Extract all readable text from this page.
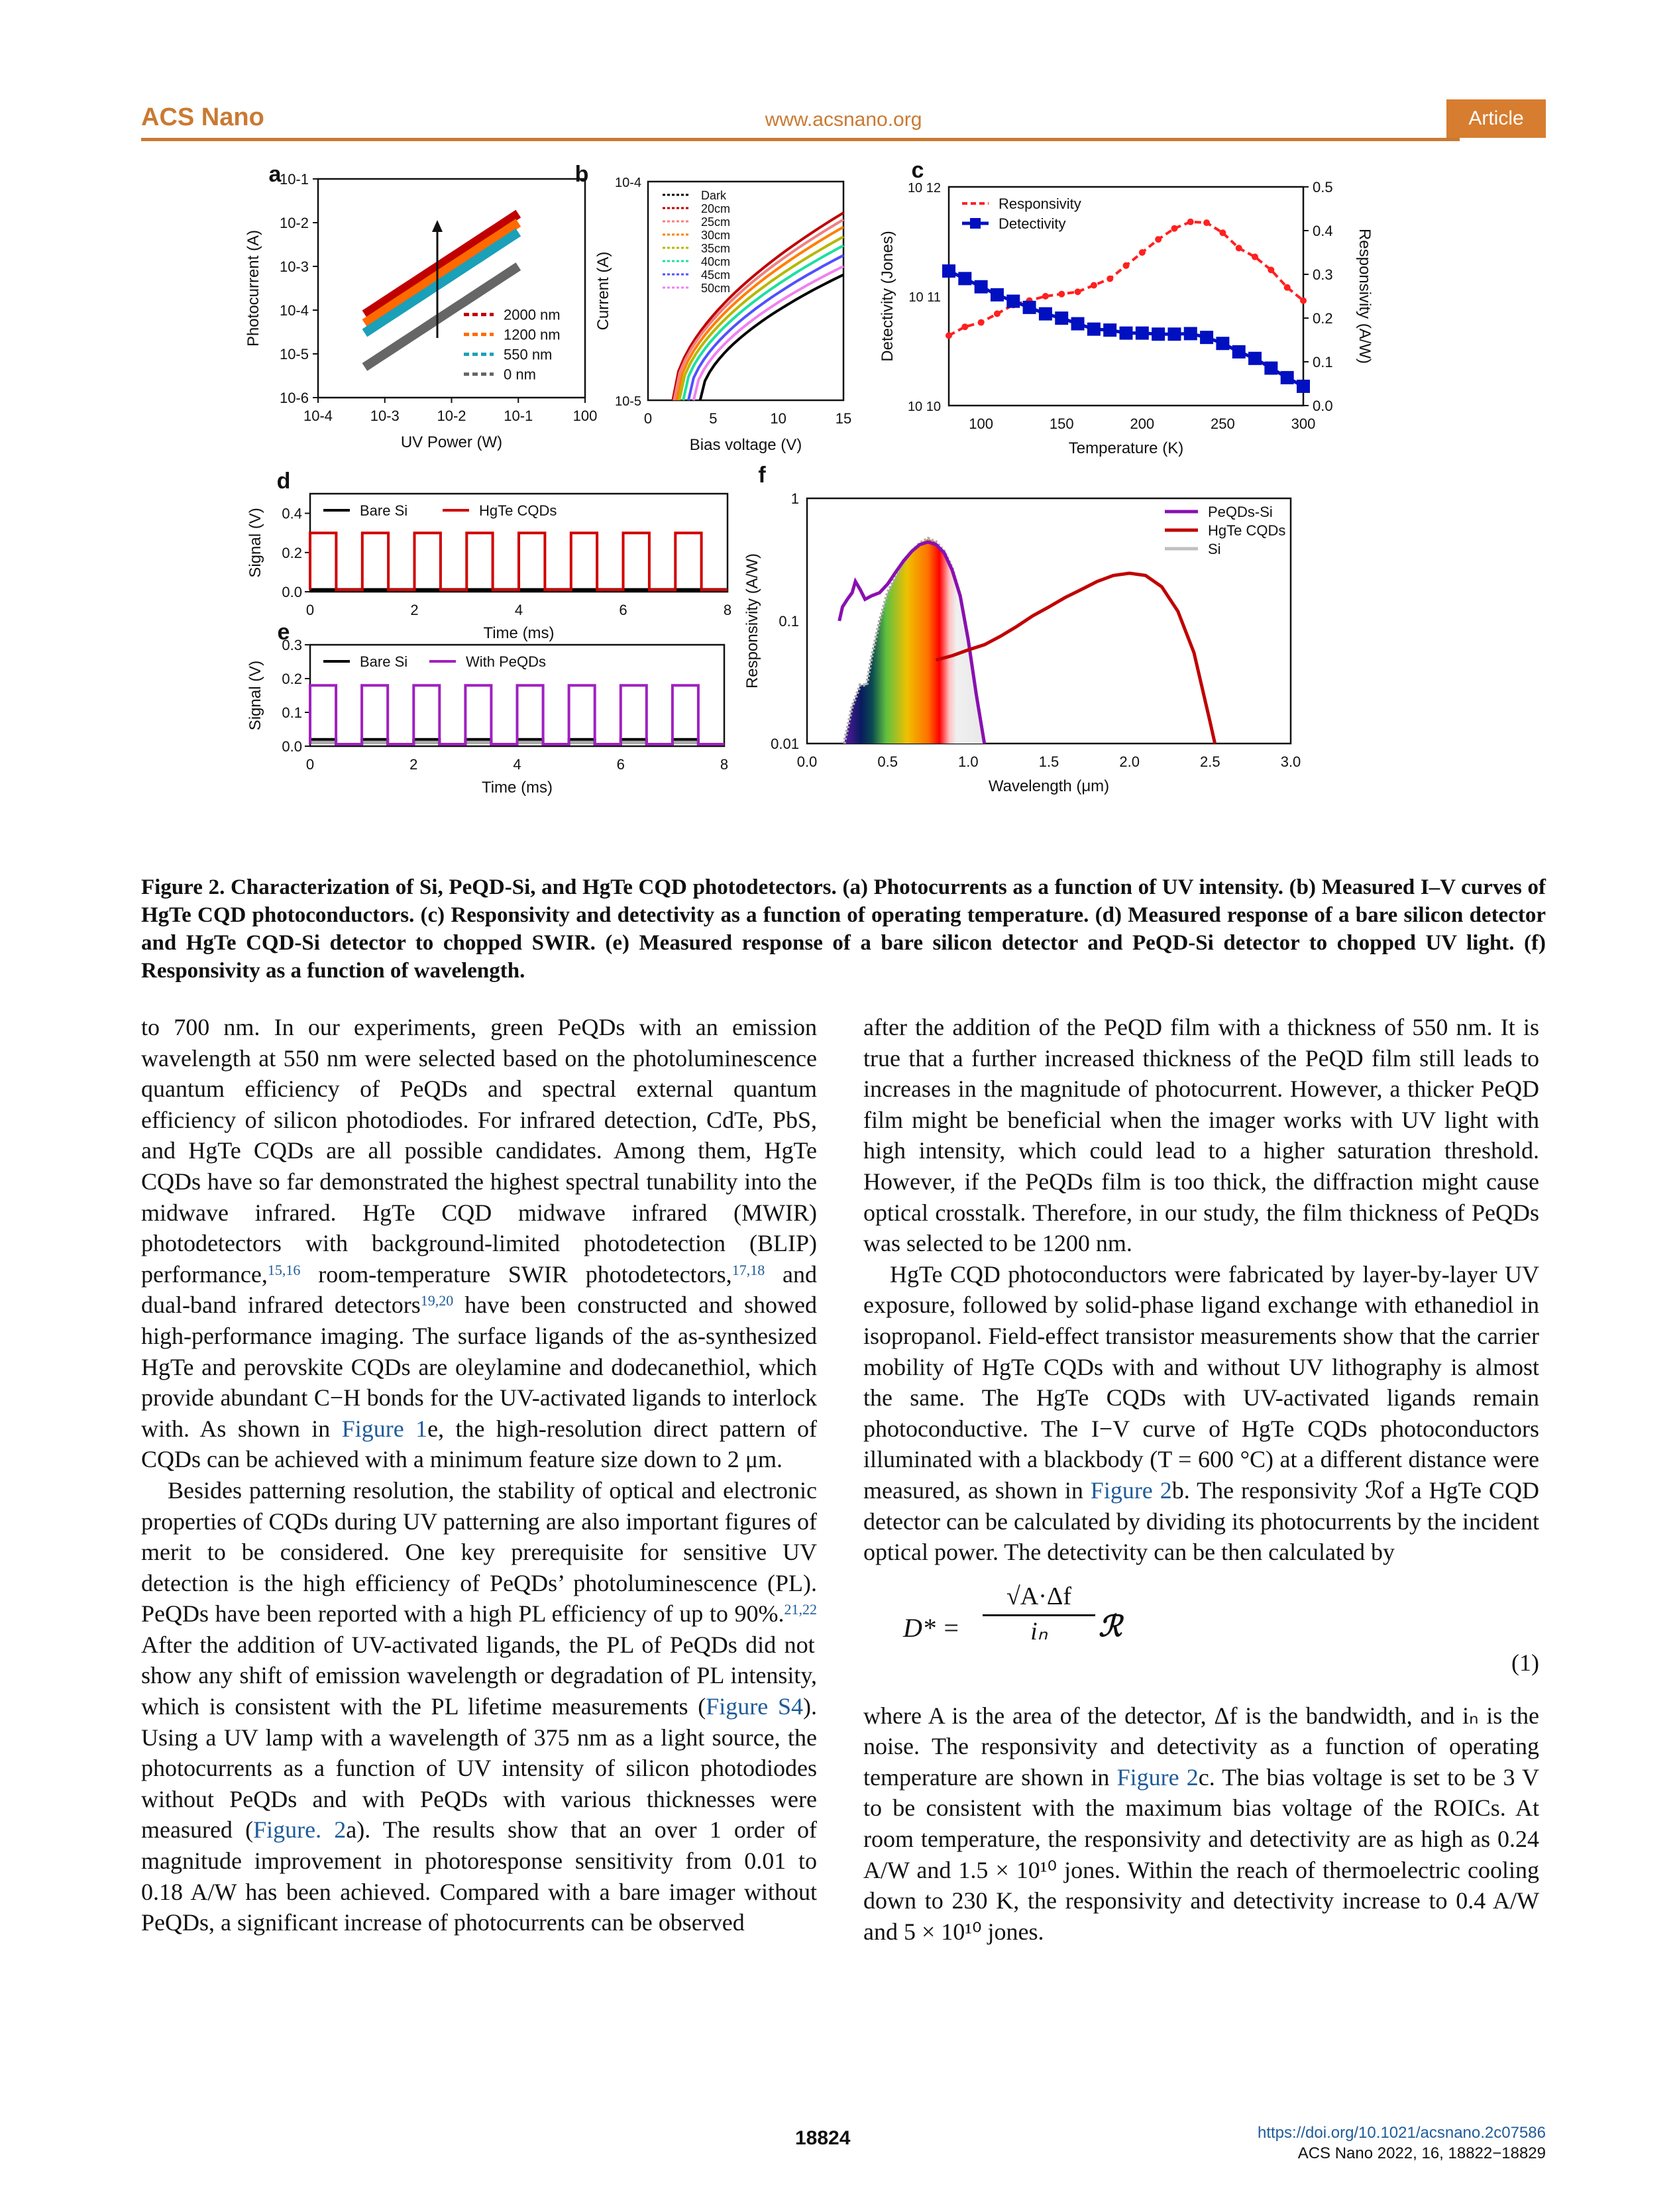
ACS Nano	www.acsnano.org	Article
a
10-6
10-5
10-4
10-3
10-2
10-1
10-4	10-3	10-2	10-1	100
UV Power (W)
Photocurrent (A)	2000 nm
1200 nm
550 nm
0 nm
b 10-4
10-5
0	5	10	15
Bias voltage (V)
Current (A)
Dark
20cm
25cm
30cm
35cm
40cm
45cm
50cm
c
10 10
10 11
10 12
0.0
0.1
0.2
0.3
0.4
0.5
100	150	200	250	300
Temperature (K)
Detectivity (Jones)	Responsivity (A/W)
Responsivity
Detectivity
d
0.0
0.2
0.4
0	2	4	6	8
Time (ms)
Signal (V)	Bare Si	HgTe CQDs
e
0.0
0.1
0.2
0.3
0	2	4	6	8
Time (ms)
Signal (V)	Bare Si	With PeQDs
f
0.01
0.1
1
0.0	0.5	1.0	1.5	2.0	2.5	3.0
Wavelength (μm)
Responsivity (A/W)
PeQDs-Si
HgTe CQDs
Si
Figure 2. Characterization of Si, PeQD-Si, and HgTe CQD photodetectors. (a) Photocurrents as a function of UV intensity. (b) Measured I–V curves of HgTe CQD photoconductors. (c) Responsivity and detectivity as a function of operating temperature. (d) Measured response of a bare silicon detector and HgTe CQD-Si detector to chopped SWIR. (e) Measured response of a bare silicon detector and PeQD-Si detector to chopped UV light. (f) Responsivity as a function of wavelength.

to 700 nm. In our experiments, green PeQDs with an emission wavelength at 550 nm were selected based on the photoluminescence quantum efficiency of PeQDs and spectral external quantum efficiency of silicon photodiodes. For infrared detection, CdTe, PbS, and HgTe CQDs are all possible candidates. Among them, HgTe CQDs have so far demonstrated the highest spectral tunability into the midwave infrared. HgTe CQD midwave infrared (MWIR) photodetectors with background-limited photodetection (BLIP) performance,$^{15,16}$ room-temperature SWIR photodetectors,$^{17,18}$ and dual-band infrared detectors$^{19,20}$ have been constructed and showed high-performance imaging. The surface ligands of the as-synthesized HgTe and perovskite CQDs are oleylamine and dodecanethiol, which provide abundant C−H bonds for the UV-activated ligands to interlock with. As shown in Figure 1e, the high-resolution direct pattern of CQDs can be achieved with a minimum feature size down to 2 μm.

Besides patterning resolution, the stability of optical and electronic properties of CQDs during UV patterning are also important figures of merit to be considered. One key prerequisite for sensitive UV detection is the high efficiency of PeQDs’ photoluminescence (PL). PeQDs have been reported with a high PL efficiency of up to 90%.$^{21,22}$ After the addition of UV-activated ligands, the PL of PeQDs did not show any shift of emission wavelength or degradation of PL intensity, which is consistent with the PL lifetime measurements (Figure S4). Using a UV lamp with a wavelength of 375 nm as a light source, the photocurrents as a function of UV intensity of silicon photodiodes without PeQDs and with PeQDs with various thicknesses were measured (Figure. 2a). The results show that an over 1 order of magnitude improvement in photoresponse sensitivity from 0.01 to 0.18 A/W has been achieved. Compared with a bare imager without PeQDs, a significant increase of photocurrents can be observed

after the addition of the PeQD film with a thickness of 550 nm. It is true that a further increased thickness of the PeQD film still leads to increases in the magnitude of photocurrent. However, a thicker PeQD film might be beneficial when the imager works with UV light with high intensity, which could lead to a higher saturation threshold. However, if the PeQDs film is too thick, the diffraction might cause optical crosstalk. Therefore, in our study, the film thickness of PeQDs was selected to be 1200 nm.

HgTe CQD photoconductors were fabricated by layer-by-layer UV exposure, followed by solid-phase ligand exchange with ethanediol in isopropanol. Field-effect transistor measurements show that the carrier mobility of HgTe CQDs with and without UV lithography is almost the same. The HgTe CQDs with UV-activated ligands remain photoconductive. The I−V curve of HgTe CQDs photoconductors illuminated with a blackbody (T = 600 °C) at a different distance were measured, as shown in Figure 2b. The responsivity ℛof a HgTe CQD detector can be calculated by dividing its photocurrents by the incident optical power. The detectivity can be then calculated by

$D* = \frac{√A\cdot\Delta f}{\text{iₙ}}$ ℛ
(1)

where A is the area of the detector, Δf is the bandwidth, and iₙ is the noise. The responsivity and detectivity as a function of operating temperature are shown in Figure 2c. The bias voltage is set to be 3 V to be consistent with the maximum bias voltage of the ROICs. At room temperature, the responsivity and detectivity are as high as 0.24 A/W and 1.5 × 10¹⁰ jones. Within the reach of thermoelectric cooling down to 230 K, the responsivity and detectivity increase to 0.4 A/W and 5 × 10¹⁰ jones.

18824	https://doi.org/10.1021/acsnano.2c07586
ACS Nano 2022, 16, 18822−18829
